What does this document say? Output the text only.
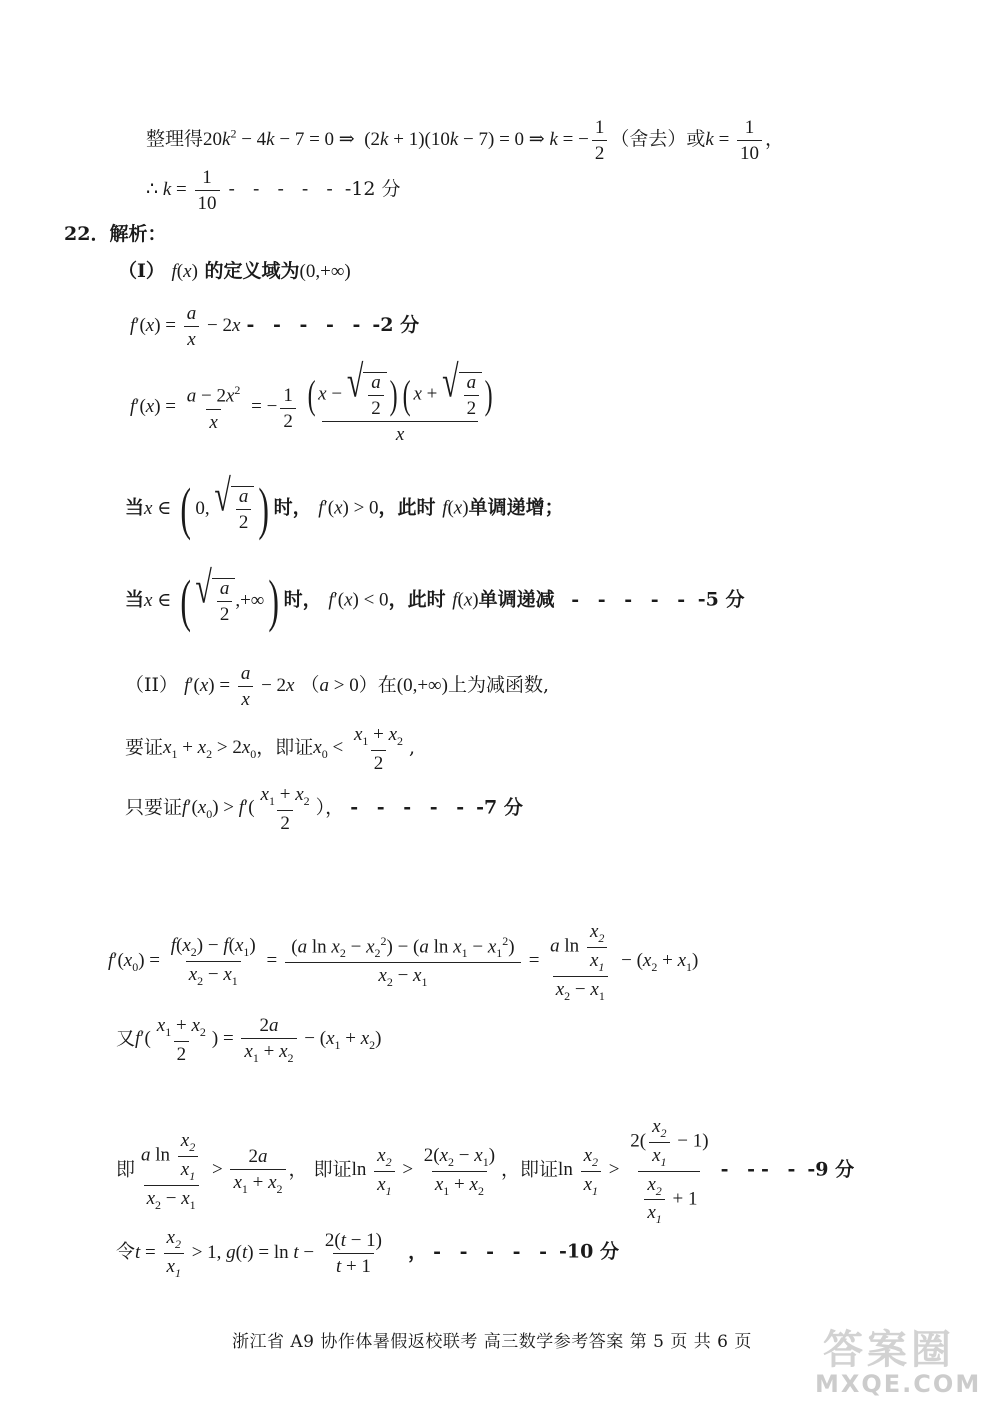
整理得$20k^2 - 4k - 7 = 0$ ⇒  (2k + 1)(10k − 7) = 0 ⇒ k = − $\frac{1}{2}$ （舍去）或$k = \frac{1}{10}$ ，
∴ $k = \frac{1}{10}$ - - - - - -12 分
22．解析：
（I） f(x) 的定义域为(0,+∞)
$f'(x) = \frac{a}{x} - 2x$ - - - - - -2 分
$f'(x) = \frac{a - 2x^2}{x}$ = − $\frac{1}{2} \frac{( x - √ \frac{a}{2} ) ( x + √ \frac{a}{2} )}{x}$
当x ∈ ( 0, √ $\frac{a}{2}$ ) 时， f′(x) > 0，此时 f(x)单调递增；
当x ∈ ( √ $\frac{a}{2}$ ,+∞) 时， f′(x) < 0，此时 f(x)单调递减 - - - - - -5 分
（II） $f'(x) = \frac{a}{x} - 2x$ （a > 0）在(0,+∞)上为减函数,
要证$x_1 + x_2 > 2x_0$，即证$x_0 < \frac{x_1 + x_2}{2}$ ,
只要证$f'(x_0) > f'( \frac{x_1 + x_2}{2}$ ）， - - - - - -7 分
$f'(x_0) = \frac{f(x_2) - f(x_1)}{x_2 - x_1} = \frac{(a \ln x_2 - x_2^2) - (a \ln x_1 - x_1^2)}{x_2 - x_1} = \frac{a \ln \frac{x_2}{x_1}}{x_2 - x_1} - (x_2 + x_1)$
又$f'( \frac{x_1 + x_2}{2}$ ) = $\frac{2a}{x_1 + x_2} - (x_1 + x_2)$
即 $\frac{a \ln \frac{x_2}{x_1}}{x_2 - x_1} > \frac{2a}{x_1 + x_2}$ ， 即证$\ln \frac{x_2}{x_1} > \frac{2(x_2 - x_1)}{x_1 + x_2}$ ，即证$\ln \frac{x_2}{x_1} > \frac{2( \frac{x_2}{x_1} - 1)}{\frac{x_2}{x_1} + 1}$ - -- - -9 分
令$t = \frac{x_2}{x_1} > 1$, $g(t) = \ln t - \frac{2(t - 1)}{t + 1}$ ，- - - - - -10 分
浙江省 A9 协作体暑假返校联考 高三数学参考答案 第 5 页 共 6 页 答案圈
MXQE.COM
